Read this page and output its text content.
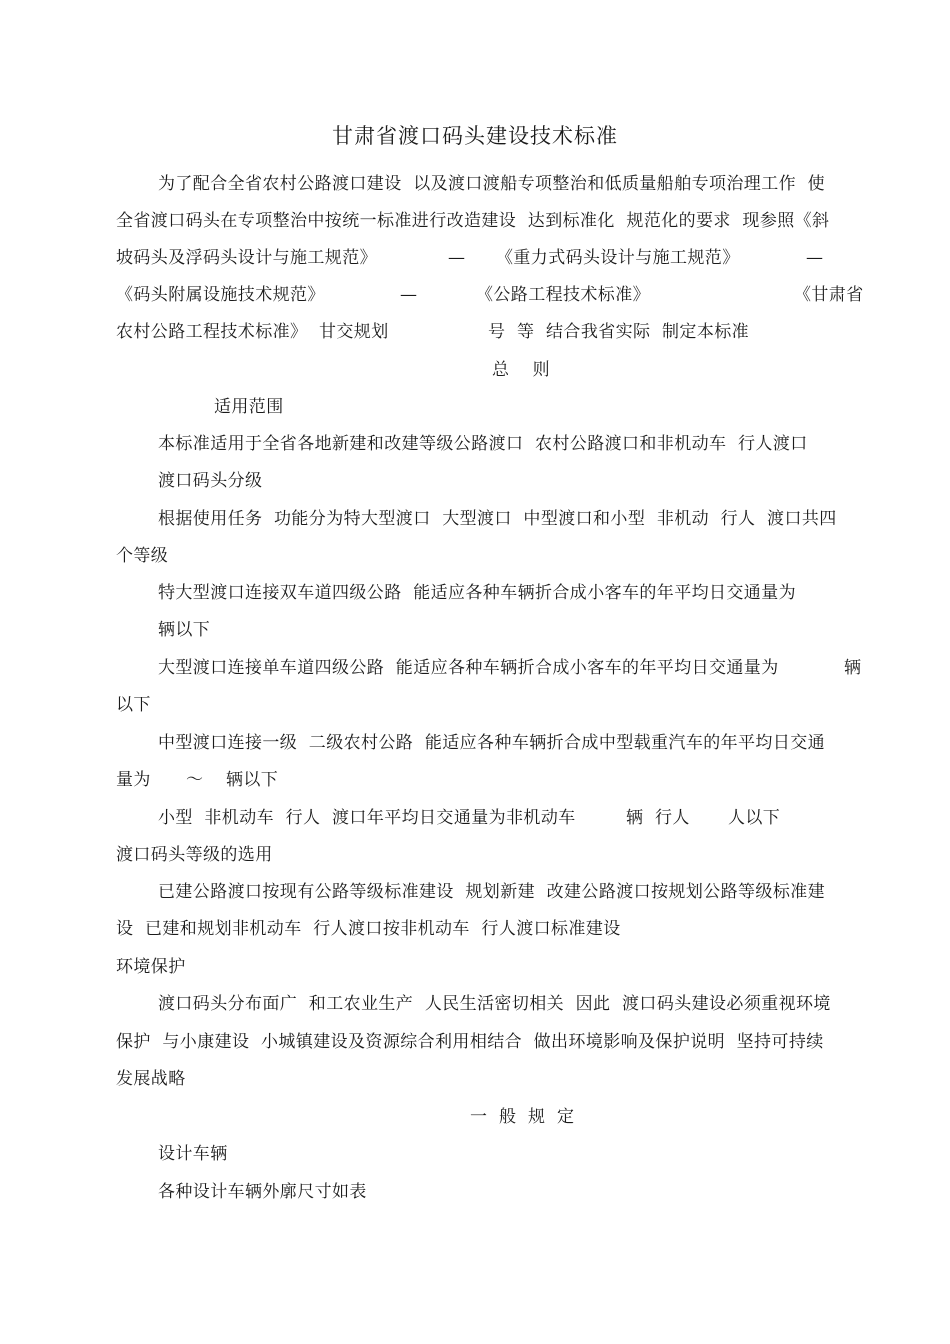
甘肃省渡口码头建设技术标准
为了配合全省农村公路渡口建设  以及渡口渡船专项整治和低质量船舶专项治理工作  使
全省渡口码头在专项整治中按统一标准进行改造建设  达到标准化  规范化的要求  现参照《斜
坡码头及浮码头设计与施工规范》	— 《重力式码头设计与施工规范》	—
《码头附属设施技术规范》	—	《公路工程技术标准》	《甘肃省
农村公路工程技术标准》  甘交规划	号  等  结合我省实际  制定本标准
总    则
适用范围
本标准适用于全省各地新建和改建等级公路渡口  农村公路渡口和非机动车  行人渡口
渡口码头分级
根据使用任务  功能分为特大型渡口  大型渡口  中型渡口和小型  非机动  行人  渡口共四
个等级
特大型渡口连接双车道四级公路  能适应各种车辆折合成小客车的年平均日交通量为
辆以下
大型渡口连接单车道四级公路  能适应各种车辆折合成小客车的年平均日交通量为	辆
以下
中型渡口连接一级  二级农村公路  能适应各种车辆折合成中型载重汽车的年平均日交通
量为 ～ 辆以下
小型  非机动车  行人  渡口年平均日交通量为非机动车	辆  行人 人以下
渡口码头等级的选用
已建公路渡口按现有公路等级标准建设  规划新建  改建公路渡口按规划公路等级标准建
设  已建和规划非机动车  行人渡口按非机动车  行人渡口标准建设
环境保护
渡口码头分布面广  和工农业生产  人民生活密切相关  因此  渡口码头建设必须重视环境
保护  与小康建设  小城镇建设及资源综合利用相结合  做出环境影响及保护说明  坚持可持续
发展战略
一  般  规  定
设计车辆
各种设计车辆外廓尺寸如表
